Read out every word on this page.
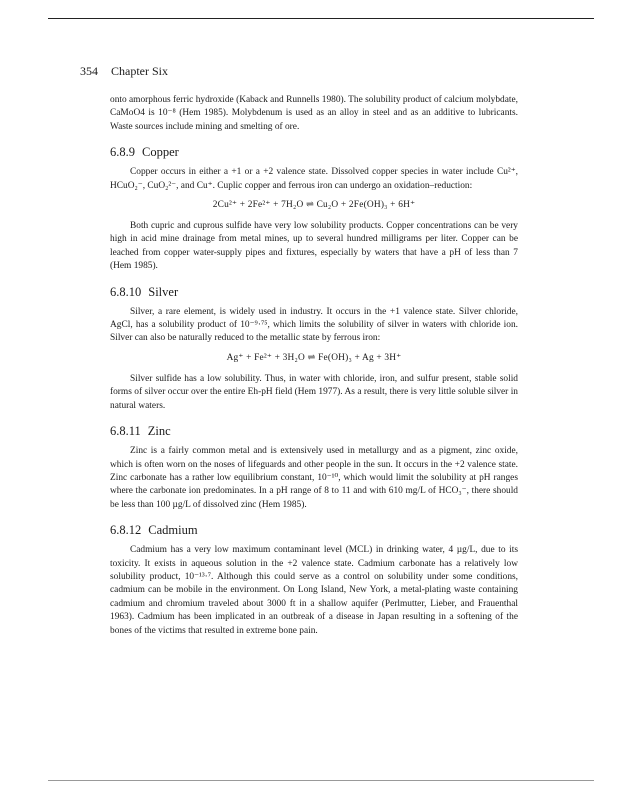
354 Chapter Six

onto amorphous ferric hydroxide (Kaback and Runnells 1980). The solubility product of calcium molybdate, CaMoO4 is 10⁻⁸ (Hem 1985). Molybdenum is used as an alloy in steel and as an additive to lubricants. Waste sources include mining and smelting of ore.

6.8.9 Copper

Copper occurs in either a +1 or a +2 valence state. Dissolved copper species in water include Cu²⁺, HCuO₂⁻, CuO₂²⁻, and Cu⁺. Cuplic copper and ferrous iron can undergo an oxidation–reduction:

2Cu²⁺ + 2Fe²⁺ + 7H₂O ⇌ Cu₂O + 2Fe(OH)₃ + 6H⁺

Both cupric and cuprous sulfide have very low solubility products. Copper concentrations can be very high in acid mine drainage from metal mines, up to several hundred milligrams per liter. Copper can be leached from copper water-supply pipes and fixtures, especially by waters that have a pH of less than 7 (Hem 1985).

6.8.10 Silver

Silver, a rare element, is widely used in industry. It occurs in the +1 valence state. Silver chloride, AgCl, has a solubility product of 10⁻⁹·⁷⁵, which limits the solubility of silver in waters with chloride ion. Silver can also be naturally reduced to the metallic state by ferrous iron:

Ag⁺ + Fe²⁺ + 3H₂O ⇌ Fe(OH)₃ + Ag + 3H⁺

Silver sulfide has a low solubility. Thus, in water with chloride, iron, and sulfur present, stable solid forms of silver occur over the entire Eh-pH field (Hem 1977). As a result, there is very little soluble silver in natural waters.

6.8.11 Zinc

Zinc is a fairly common metal and is extensively used in metallurgy and as a pigment, zinc oxide, which is often worn on the noses of lifeguards and other people in the sun. It occurs in the +2 valence state. Zinc carbonate has a rather low equilibrium constant, 10⁻¹⁰, which would limit the solubility at pH ranges where the carbonate ion predominates. In a pH range of 8 to 11 and with 610 mg/L of HCO₃⁻, there should be less than 100 µg/L of dissolved zinc (Hem 1985).

6.8.12 Cadmium

Cadmium has a very low maximum contaminant level (MCL) in drinking water, 4 µg/L, due to its toxicity. It exists in aqueous solution in the +2 valence state. Cadmium carbonate has a relatively low solubility product, 10⁻¹³·⁷. Although this could serve as a control on solubility under some conditions, cadmium can be mobile in the environment. On Long Island, New York, a metal-plating waste containing cadmium and chromium traveled about 3000 ft in a shallow aquifer (Perlmutter, Lieber, and Frauenthal 1963). Cadmium has been implicated in an outbreak of a disease in Japan resulting in a softening of the bones of the victims that resulted in extreme bone pain.
